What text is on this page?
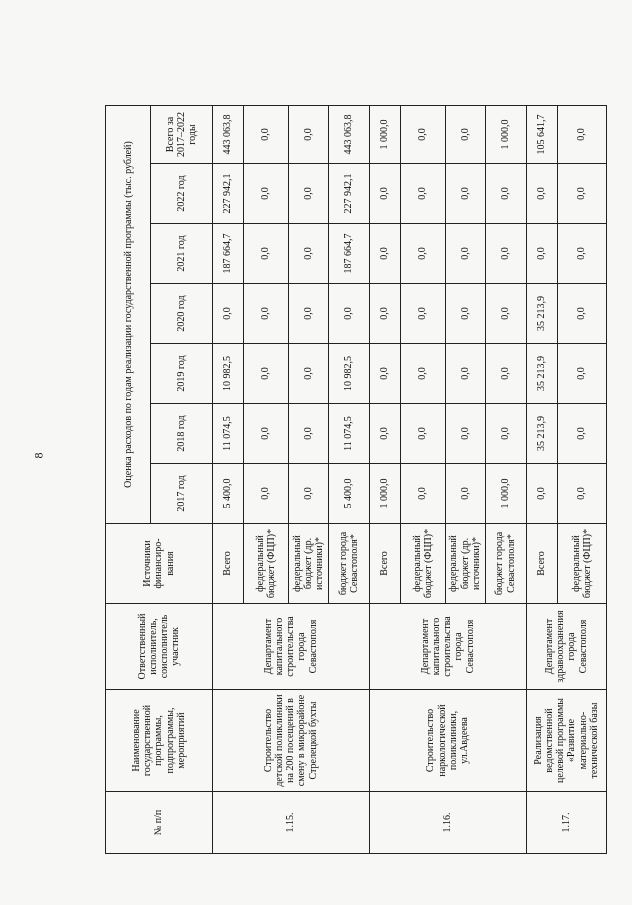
8
№ п/п	Наименование государственной программы, подпрограммы, мероприятий	Ответственный исполнитель, соисполнитель участник	Источники финансиро-вания	Оценка расходов по годам реализации государственной программы (тыс. рублей)						
				2017 год	2018 год	2019 год	2020 год	2021 год	2022 год	Всего за 2017–2022 годы
1.15.	Строительство детской поликлиники на 200 посещений в смену в микрорайоне Стрелецкой бухты	Департамент капитального строительства города Севастополя	Всего	5 400,0	11 074,5	10 982,5	0,0	187 664,7	227 942,1	443 063,8
			федеральный бюджет (ФЦП)*	0,0	0,0	0,0	0,0	0,0	0,0	0,0
			федеральный бюджет (др. источники)*	0,0	0,0	0,0	0,0	0,0	0,0	0,0
			бюджет города Севастополя*	5 400,0	11 074,5	10 982,5	0,0	187 664,7	227 942,1	443 063,8
1.16.	Строительство наркологической поликлиники, ул.Авдеева	Департамент капитального строительства города Севастополя	Всего	1 000,0	0,0	0,0	0,0	0,0	0,0	1 000,0
			федеральный бюджет (ФЦП)*	0,0	0,0	0,0	0,0	0,0	0,0	0,0
			федеральный бюджет (др. источники)*	0,0	0,0	0,0	0,0	0,0	0,0	0,0
			бюджет города Севастополя*	1 000,0	0,0	0,0	0,0	0,0	0,0	1 000,0
1.17.	Реализация ведомственной целевой программы «Развитие материально-технической базы	Департамент здравоохранения города Севастополя	Всего	0,0	35 213,9	35 213,9	35 213,9	0,0	0,0	105 641,7
			федеральный бюджет (ФЦП)*	0,0	0,0	0,0	0,0	0,0	0,0	0,0
